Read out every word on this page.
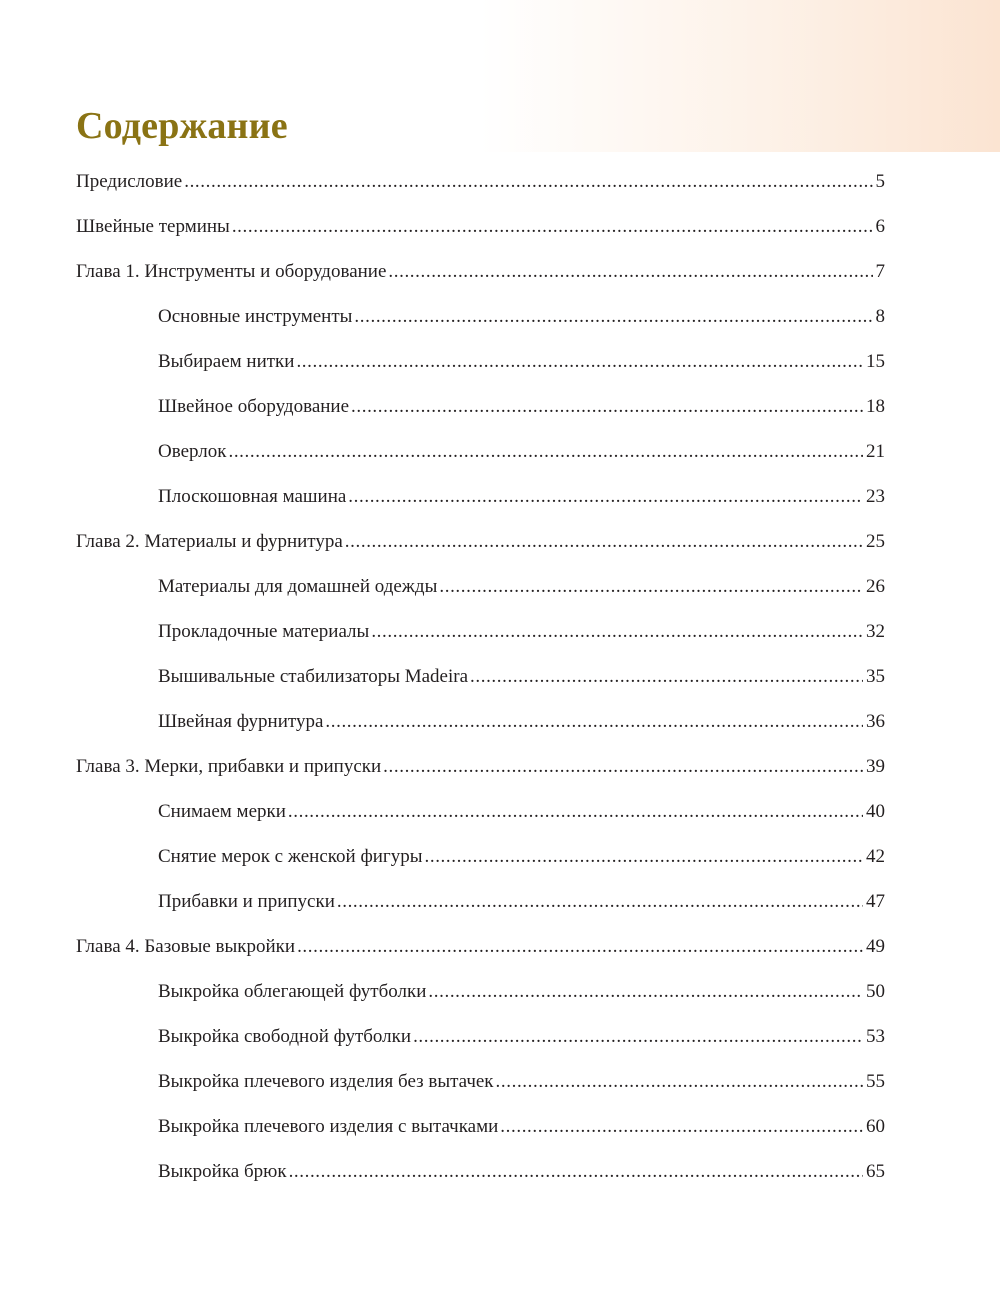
Содержание
Предисловие .....	5
Швейные термины .....	6
Глава 1. Инструменты и оборудование .....	7
Основные инструменты .....	8
Выбираем нитки .....	15
Швейное оборудование .....	18
Оверлок .....	21
Плоскошовная машина .....	23
Глава 2. Материалы и фурнитура .....	25
Материалы для домашней одежды .....	26
Прокладочные материалы .....	32
Вышивальные стабилизаторы Madeira .....	35
Швейная фурнитура .....	36
Глава 3. Мерки, прибавки и припуски .....	39
Снимаем мерки .....	40
Снятие мерок с женской фигуры .....	42
Прибавки и припуски .....	47
Глава 4. Базовые выкройки .....	49
Выкройка облегающей футболки .....	50
Выкройка свободной футболки .....	53
Выкройка плечевого изделия без вытачек .....	55
Выкройка плечевого изделия с вытачками .....	60
Выкройка брюк .....	65
